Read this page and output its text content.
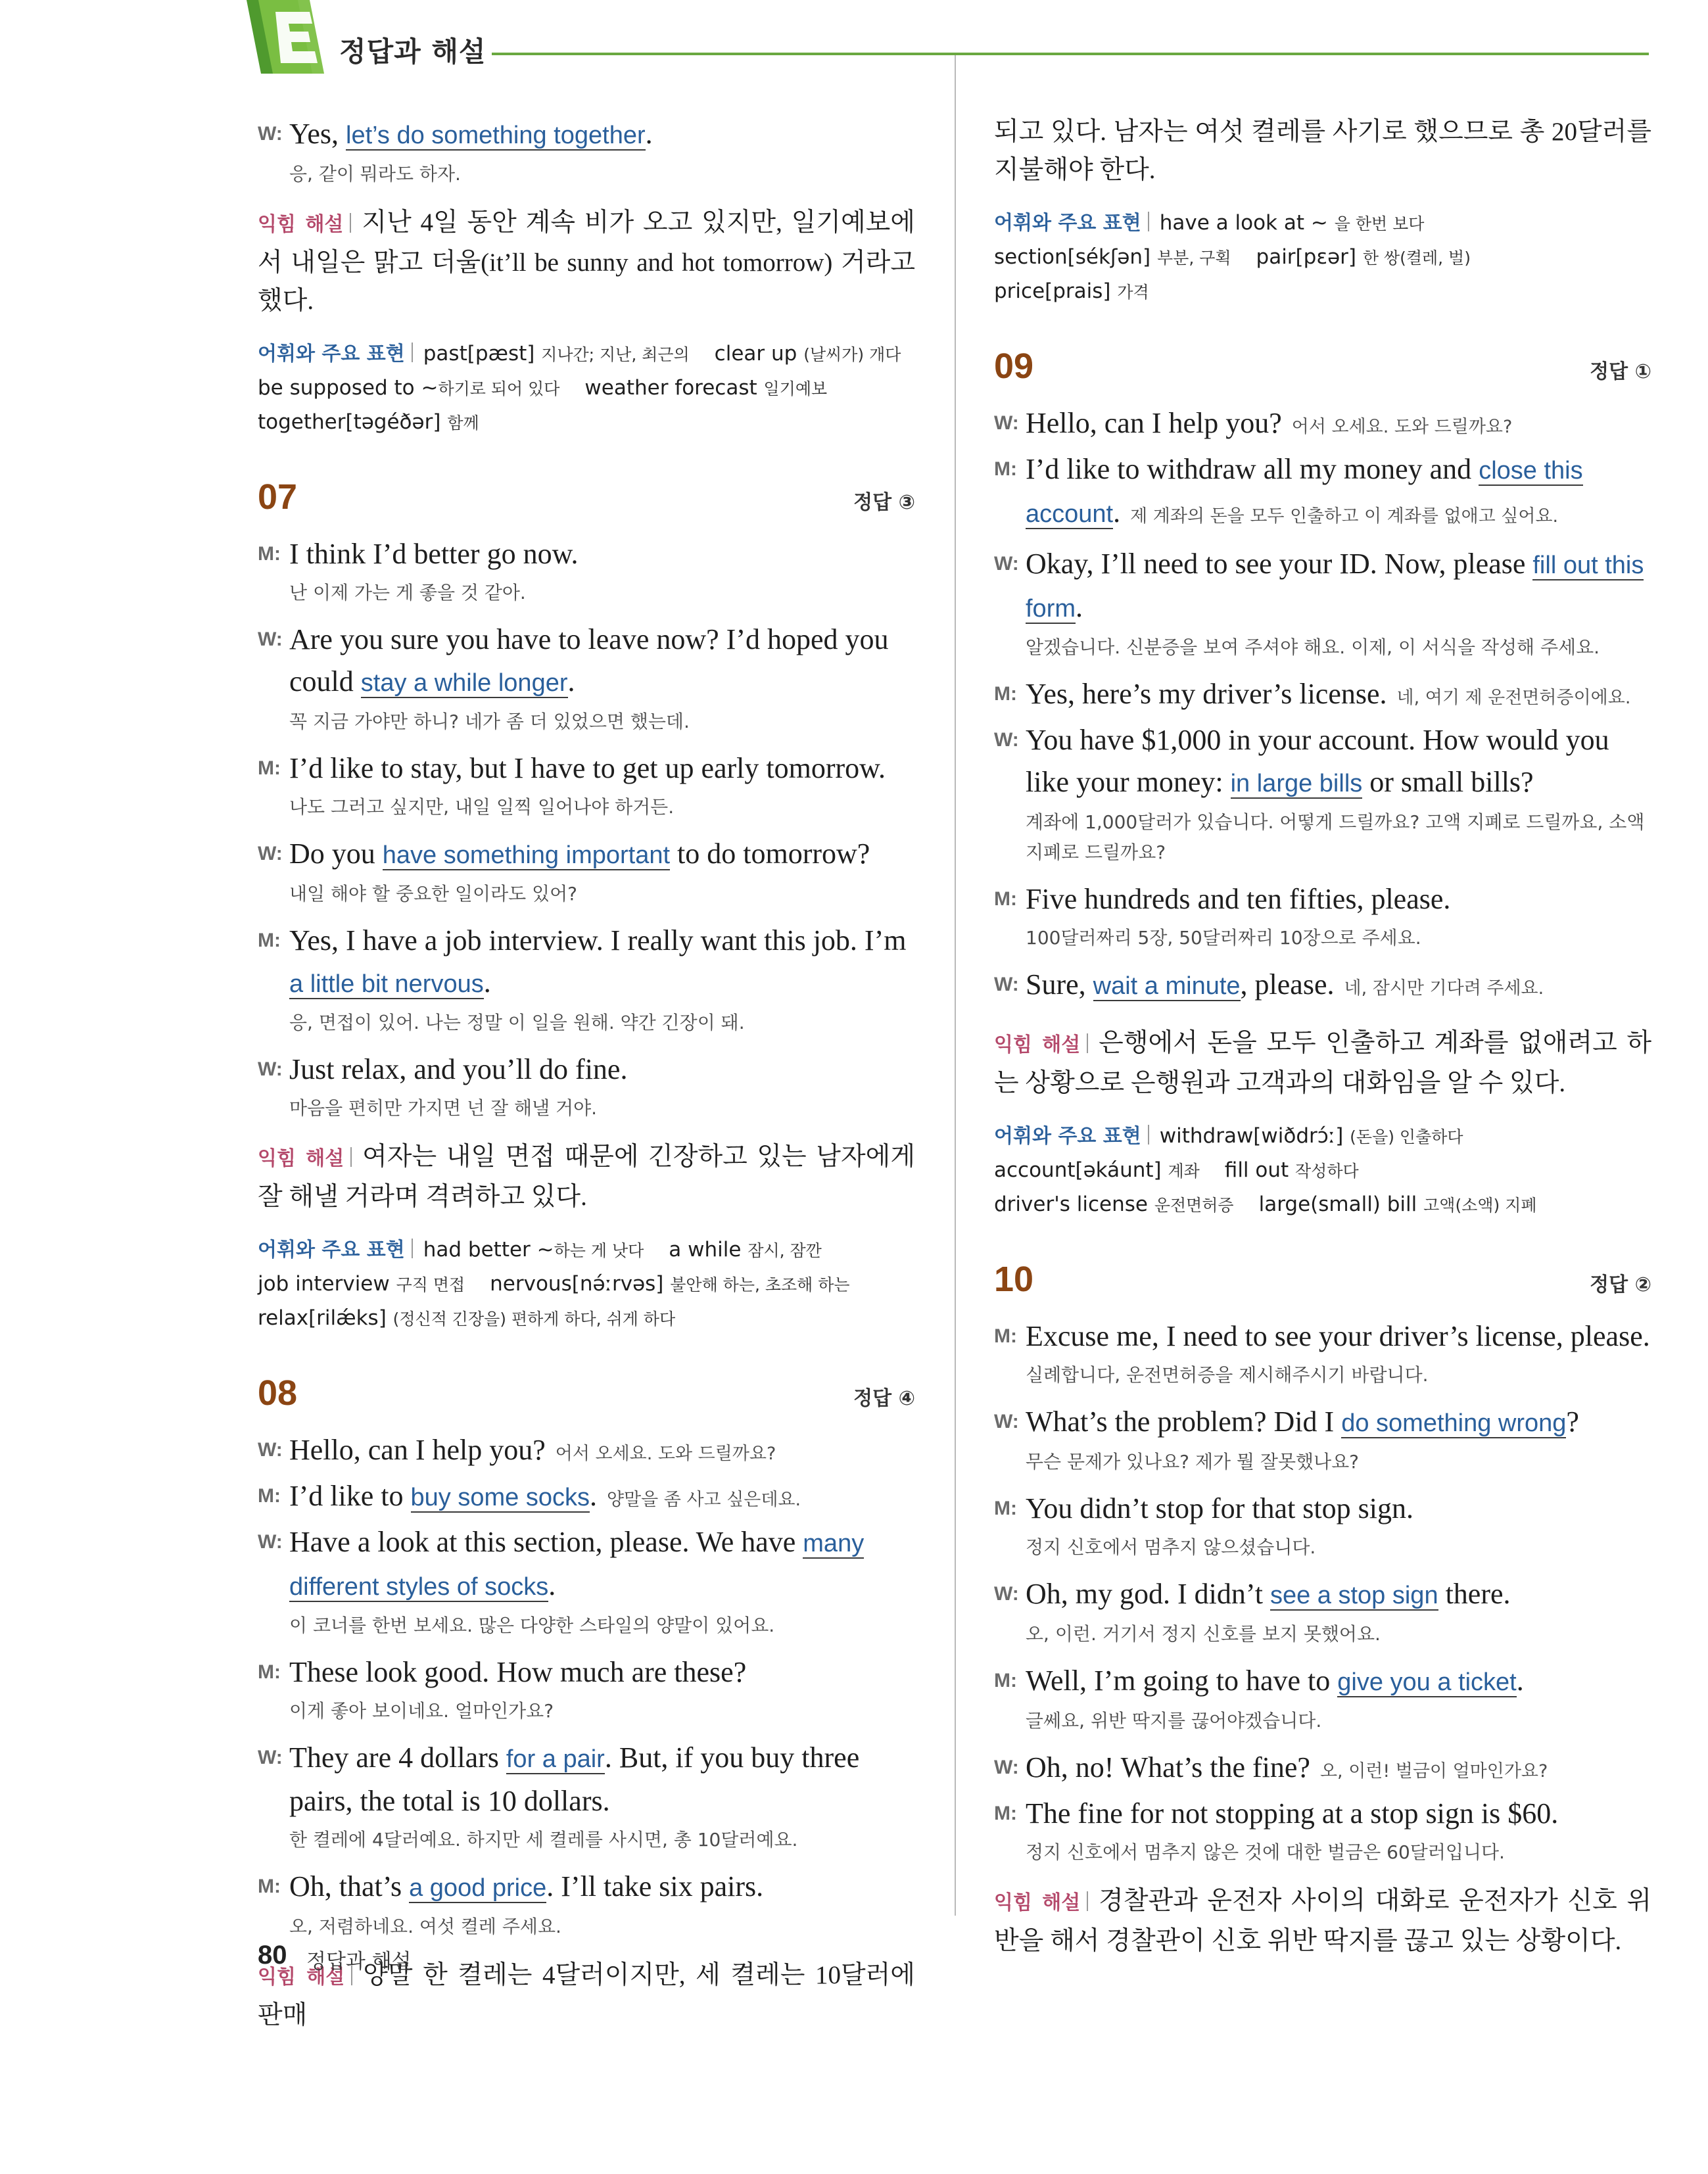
정답과 해설
W: Yes, let’s do something together.
응, 같이 뭐라도 하자.
익힘 해설 지난 4일 동안 계속 비가 오고 있지만, 일기예보에서 내일은 맑고 더울(it’ll be sunny and hot tomorrow) 거라고 했다.
어휘와 주요 표현 past[pæst] 지나간; 지난, 최근의 clear up (날씨가) 개다
be supposed to ~하기로 되어 있다 weather forecast 일기예보
together[təgéðər] 함께
07	정답 ③
M: I think I’d better go now.
난 이제 가는 게 좋을 것 같아.
W: Are you sure you have to leave now? I’d hoped you
could stay a while longer.
꼭 지금 가야만 하니? 네가 좀 더 있었으면 했는데.
M: I’d like to stay, but I have to get up early tomorrow.
나도 그러고 싶지만, 내일 일찍 일어나야 하거든.
W: Do you have something important to do tomorrow?
내일 해야 할 중요한 일이라도 있어?
M: Yes, I have a job interview. I really want this job. I’m
a little bit nervous.
응, 면접이 있어. 나는 정말 이 일을 원해. 약간 긴장이 돼.
W: Just relax, and you’ll do fine.
마음을 편히만 가지면 넌 잘 해낼 거야.
익힘 해설 여자는 내일 면접 때문에 긴장하고 있는 남자에게 잘 해낼 거라며 격려하고 있다.
어휘와 주요 표현 had better ~하는 게 낫다 a while 잠시, 잠깐
job interview 구직 면접 nervous[nə́ːrvəs] 불안해 하는, 초조해 하는
relax[rilǽks] (정신적 긴장을) 편하게 하다, 쉬게 하다
08	정답 ④
W: Hello, can I help you? 어서 오세요. 도와 드릴까요?
M: I’d like to buy some socks. 양말을 좀 사고 싶은데요.
W: Have a look at this section, please. We have many
different styles of socks.
이 코너를 한번 보세요. 많은 다양한 스타일의 양말이 있어요.
M: These look good. How much are these?
이게 좋아 보이네요. 얼마인가요?
W: They are 4 dollars for a pair. But, if you buy three
pairs, the total is 10 dollars.
한 켤레에 4달러예요. 하지만 세 켤레를 사시면, 총 10달러예요.
M: Oh, that’s a good price. I’ll take six pairs.
오, 저렴하네요. 여섯 켤레 주세요.
익힘 해설 양말 한 켤레는 4달러이지만, 세 켤레는 10달러에 판매
되고 있다. 남자는 여섯 켤레를 사기로 했으므로 총 20달러를 지불해야 한다.
어휘와 주요 표현 have a look at ~ 을 한번 보다
section[sékʃən] 부분, 구획 pair[pεər] 한 쌍(켤레, 벌)
price[prais] 가격
09	정답 ①
W: Hello, can I help you? 어서 오세요. 도와 드릴까요?
M: I’d like to withdraw all my money and close this
account. 제 계좌의 돈을 모두 인출하고 이 계좌를 없애고 싶어요.
W: Okay, I’ll need to see your ID. Now, please fill out this
form.
알겠습니다. 신분증을 보여 주셔야 해요. 이제, 이 서식을 작성해 주세요.
M: Yes, here’s my driver’s license. 네, 여기 제 운전면허증이에요.
W: You have $1,000 in your account. How would you
like your money: in large bills or small bills?
계좌에 1,000달러가 있습니다. 어떻게 드릴까요? 고액 지폐로 드릴까요, 소액 지폐로 드릴까요?
M: Five hundreds and ten fifties, please.
100달러짜리 5장, 50달러짜리 10장으로 주세요.
W: Sure, wait a minute, please. 네, 잠시만 기다려 주세요.
익힘 해설 은행에서 돈을 모두 인출하고 계좌를 없애려고 하는 상황으로 은행원과 고객과의 대화임을 알 수 있다.
어휘와 주요 표현 withdraw[wiðdrɔ́ː] (돈을) 인출하다
account[əkáunt] 계좌 fill out 작성하다
driver's license 운전면허증 large(small) bill 고액(소액) 지폐
10	정답 ②
M: Excuse me, I need to see your driver’s license, please.
실례합니다, 운전면허증을 제시해주시기 바랍니다.
W: What’s the problem? Did I do something wrong?
무슨 문제가 있나요? 제가 뭘 잘못했나요?
M: You didn’t stop for that stop sign.
정지 신호에서 멈추지 않으셨습니다.
W: Oh, my god. I didn’t see a stop sign there.
오, 이런. 거기서 정지 신호를 보지 못했어요.
M: Well, I’m going to have to give you a ticket.
글쎄요, 위반 딱지를 끊어야겠습니다.
W: Oh, no! What’s the fine? 오, 이런! 벌금이 얼마인가요?
M: The fine for not stopping at a stop sign is $60.
정지 신호에서 멈추지 않은 것에 대한 벌금은 60달러입니다.
익힘 해설 경찰관과 운전자 사이의 대화로 운전자가 신호 위반을 해서 경찰관이 신호 위반 딱지를 끊고 있는 상황이다.
80 정답과 해설
